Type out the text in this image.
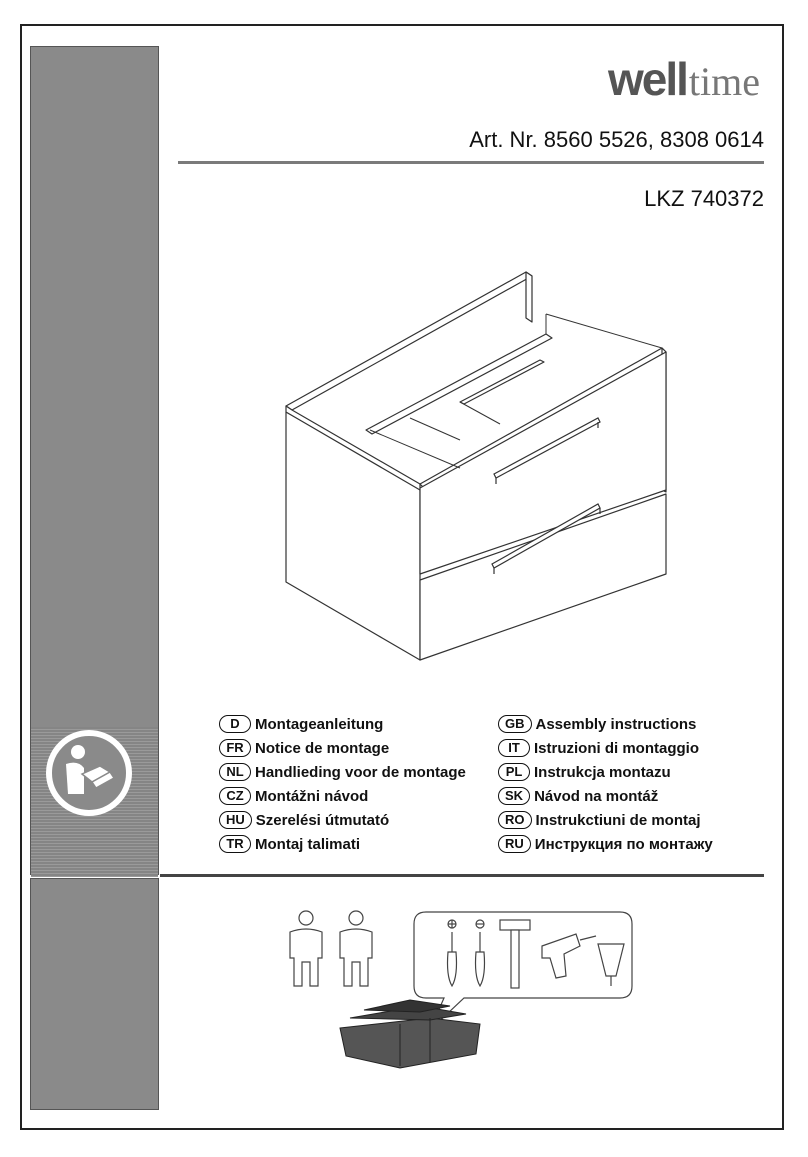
well time
Art. Nr. 8560 5526, 8308 0614
LKZ 740372
D	Montageanleitung
FR Notice de montage
NL Handlieding voor de montage
CZ Montážni návod
HU Szerelési útmutató
TR Montaj talimati
GB Assembly instructions
IT Istruzioni di montaggio
PL Instrukcja montazu
SK Návod na montáž
RO Instrukctiuni de montaj
RU Инструкция по монтажу
